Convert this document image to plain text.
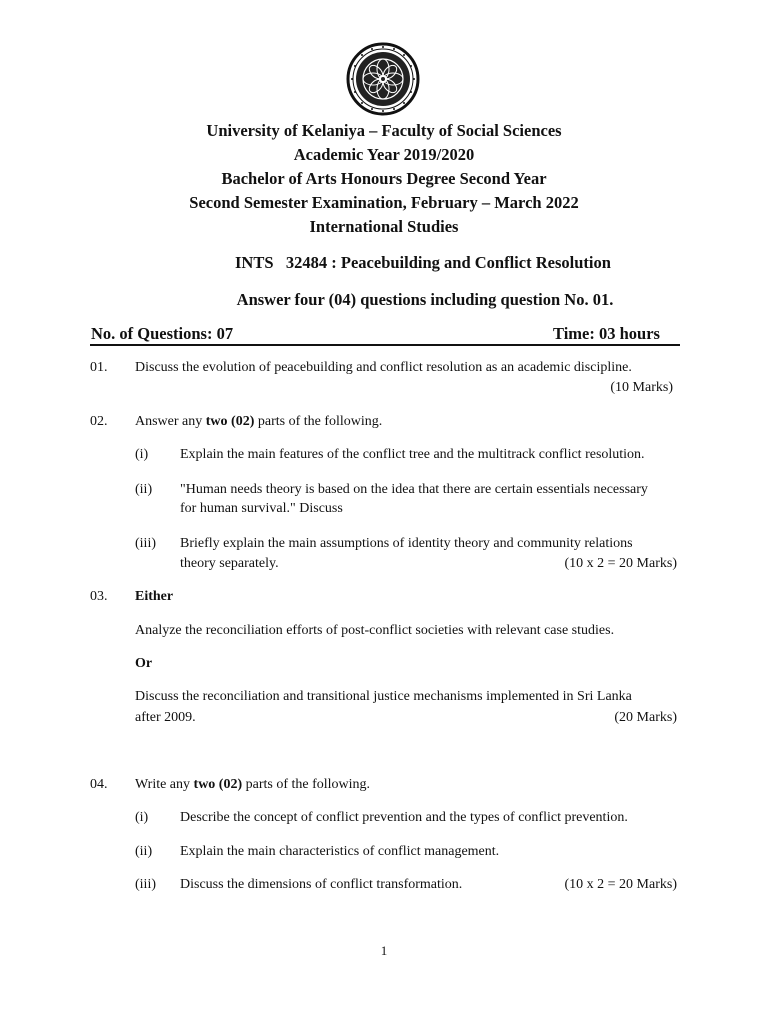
University of Kelaniya – Faculty of Social Sciences
Academic Year 2019/2020
Bachelor of Arts Honours Degree Second Year
Second Semester Examination, February – March 2022
International Studies
INTS 32484 : Peacebuilding and Conflict Resolution
Answer four (04) questions including question No. 01.
No. of Questions: 07	Time: 03 hours
01. Discuss the evolution of peacebuilding and conflict resolution as an academic discipline.
(10 Marks)
02. Answer any two (02) parts of the following.
(i) Explain the main features of the conflict tree and the multitrack conflict resolution.
(ii) "Human needs theory is based on the idea that there are certain essentials necessary
for human survival." Discuss
(iii) Briefly explain the main assumptions of identity theory and community relations
theory separately.	(10 x 2 = 20 Marks)
03. Either
Analyze the reconciliation efforts of post-conflict societies with relevant case studies.
Or
Discuss the reconciliation and transitional justice mechanisms implemented in Sri Lanka
after 2009.	(20 Marks)
04. Write any two (02) parts of the following.
(i) Describe the concept of conflict prevention and the types of conflict prevention.
(ii) Explain the main characteristics of conflict management.
(iii) Discuss the dimensions of conflict transformation.	(10 x 2 = 20 Marks)
1
